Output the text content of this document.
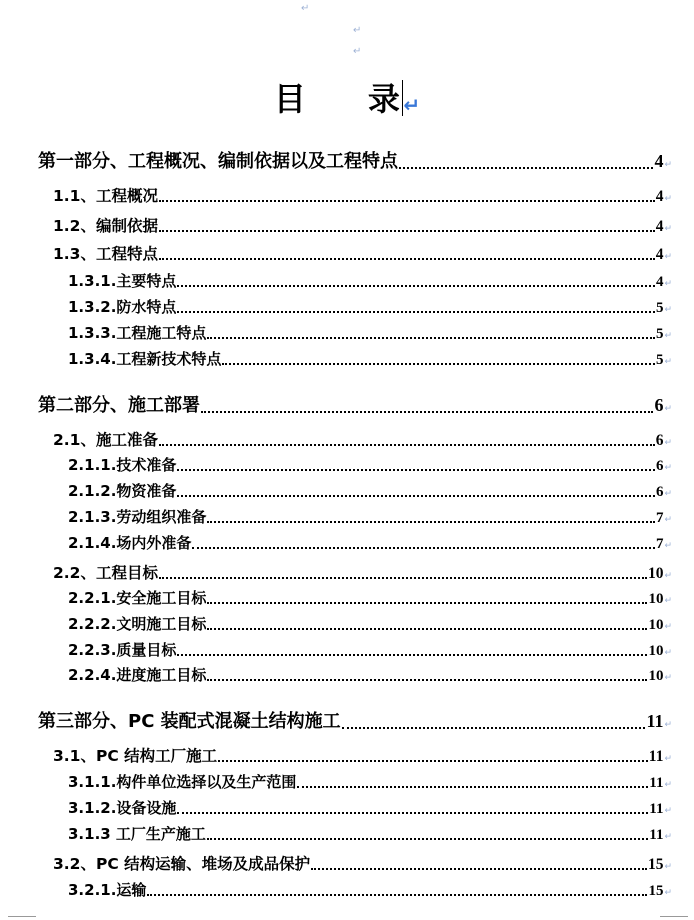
↵
↵
↵
目 录 ↵
第一部分、工程概况、编制依据以及工程特点	4 ↵
1.1、工程概况	4 ↵
1.2、编制依据	4 ↵
1.3、工程特点	4 ↵
1.3.1.主要特点	4 ↵
1.3.2.防水特点	5 ↵
1.3.3.工程施工特点	5 ↵
1.3.4.工程新技术特点	5 ↵
第二部分、施工部署	6 ↵
2.1、施工准备	6 ↵
2.1.1.技术准备	6 ↵
2.1.2.物资准备	6 ↵
2.1.3.劳动组织准备	7 ↵
2.1.4.场内外准备	7 ↵
2.2、工程目标	10 ↵
2.2.1.安全施工目标	10 ↵
2.2.2.文明施工目标	10 ↵
2.2.3.质量目标	10 ↵
2.2.4.进度施工目标	10 ↵
第三部分、PC 装配式混凝土结构施工	11 ↵
3.1、PC 结构工厂施工	11 ↵
3.1.1.构件单位选择以及生产范围	11 ↵
3.1.2.设备设施	11 ↵
3.1.3 工厂生产施工	11 ↵
3.2、PC 结构运输、堆场及成品保护	15 ↵
3.2.1.运输	15 ↵
